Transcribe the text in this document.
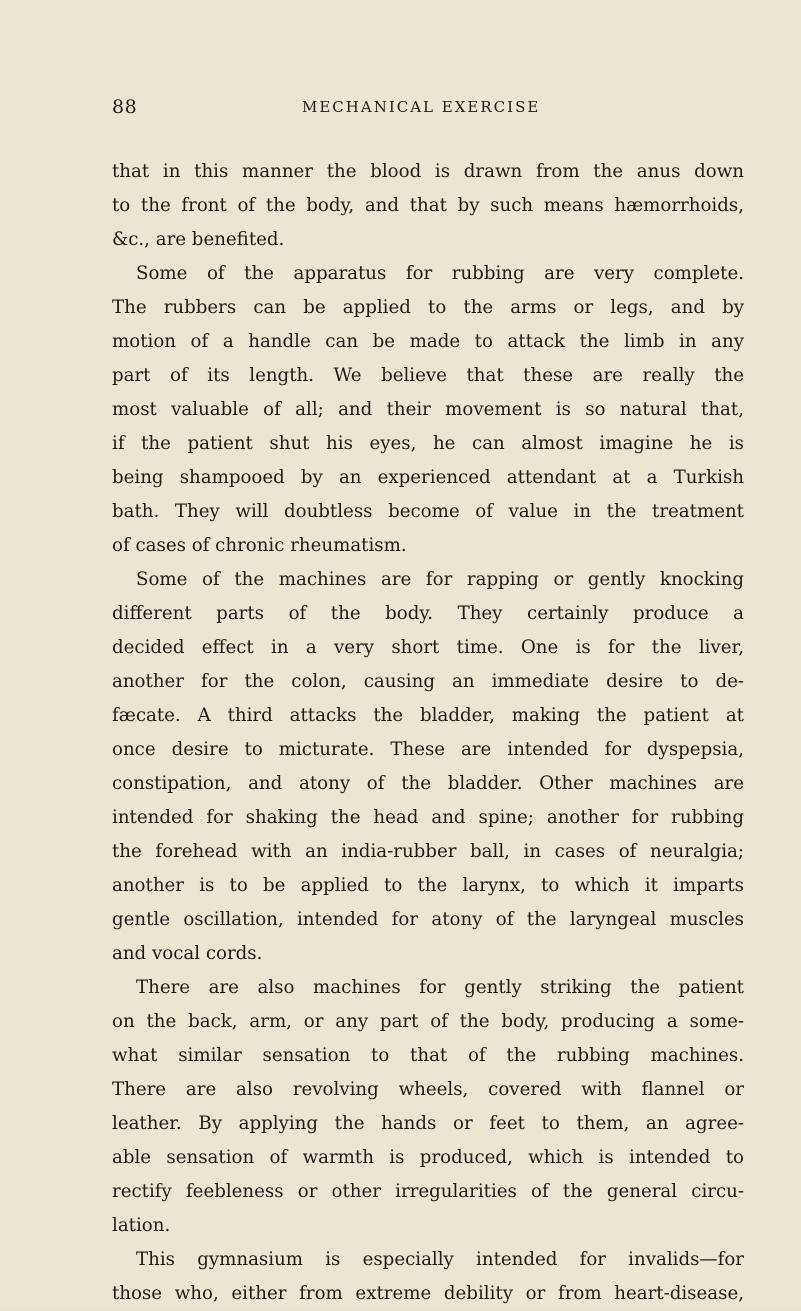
88	MECHANICAL EXERCISE
that in this manner the blood is drawn from the anus down
to the front of the body, and that by such means hæmorrhoids,
&c., are benefited.
Some of the apparatus for rubbing are very complete.
The rubbers can be applied to the arms or legs, and by
motion of a handle can be made to attack the limb in any
part of its length. We believe that these are really the
most valuable of all; and their movement is so natural that,
if the patient shut his eyes, he can almost imagine he is
being shampooed by an experienced attendant at a Turkish
bath. They will doubtless become of value in the treatment
of cases of chronic rheumatism.
Some of the machines are for rapping or gently knocking
different parts of the body. They certainly produce a
decided effect in a very short time. One is for the liver,
another for the colon, causing an immediate desire to de-
fæcate. A third attacks the bladder, making the patient at
once desire to micturate. These are intended for dyspepsia,
constipation, and atony of the bladder. Other machines are
intended for shaking the head and spine; another for rubbing
the forehead with an india-rubber ball, in cases of neuralgia;
another is to be applied to the larynx, to which it imparts
gentle oscillation, intended for atony of the laryngeal muscles
and vocal cords.
There are also machines for gently striking the patient
on the back, arm, or any part of the body, producing a some-
what similar sensation to that of the rubbing machines.
There are also revolving wheels, covered with flannel or
leather. By applying the hands or feet to them, an agree-
able sensation of warmth is produced, which is intended to
rectify feebleness or other irregularities of the general circu-
lation.
This gymnasium is especially intended for invalids—for
those who, either from extreme debility or from heart-disease,
